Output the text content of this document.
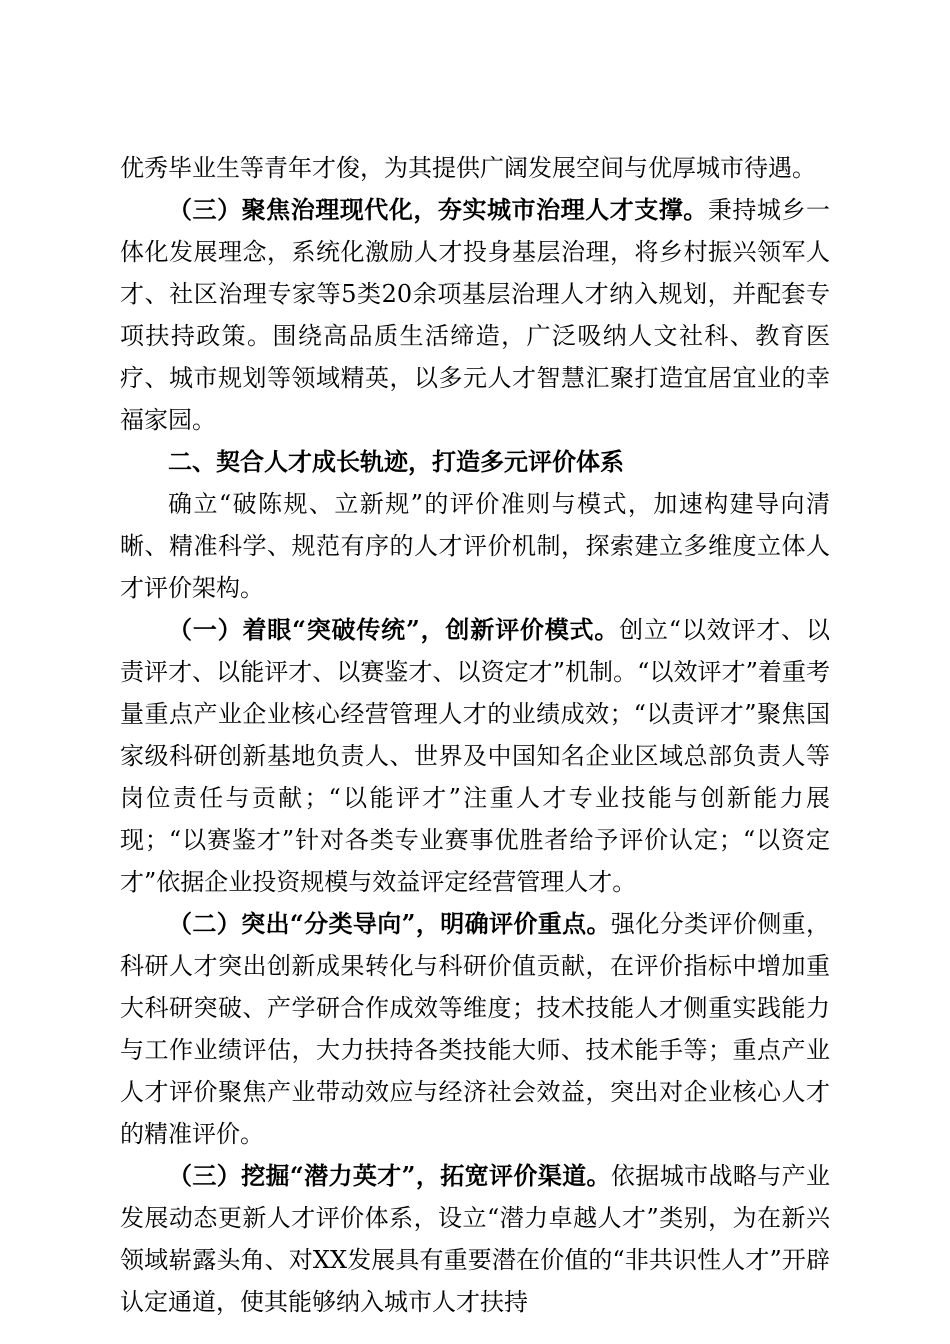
优秀毕业生等青年才俊，为其提供广阔发展空间与优厚城市待遇。

（三）聚焦治理现代化，夯实城市治理人才支撑。秉持城乡一体化发展理念，系统化激励人才投身基层治理，将乡村振兴领军人才、社区治理专家等5类20余项基层治理人才纳入规划，并配套专项扶持政策。围绕高品质生活缔造，广泛吸纳人文社科、教育医疗、城市规划等领域精英，以多元人才智慧汇聚打造宜居宜业的幸福家园。

二、契合人才成长轨迹，打造多元评价体系

确立“破陈规、立新规”的评价准则与模式，加速构建导向清晰、精准科学、规范有序的人才评价机制，探索建立多维度立体人才评价架构。

（一）着眼“突破传统”，创新评价模式。创立“以效评才、以责评才、以能评才、以赛鉴才、以资定才”机制。“以效评才”着重考量重点产业企业核心经营管理人才的业绩成效；“以责评才”聚焦国家级科研创新基地负责人、世界及中国知名企业区域总部负责人等岗位责任与贡献；“以能评才”注重人才专业技能与创新能力展现；“以赛鉴才”针对各类专业赛事优胜者给予评价认定；“以资定才”依据企业投资规模与效益评定经营管理人才。

（二）突出“分类导向”，明确评价重点。强化分类评价侧重，科研人才突出创新成果转化与科研价值贡献，在评价指标中增加重大科研突破、产学研合作成效等维度；技术技能人才侧重实践能力与工作业绩评估，大力扶持各类技能大师、技术能手等；重点产业人才评价聚焦产业带动效应与经济社会效益，突出对企业核心人才的精准评价。

（三）挖掘“潜力英才”，拓宽评价渠道。依据城市战略与产业发展动态更新人才评价体系，设立“潜力卓越人才”类别，为在新兴领域崭露头角、对XX发展具有重要潜在价值的“非共识性人才”开辟认定通道，使其能够纳入城市人才扶持
